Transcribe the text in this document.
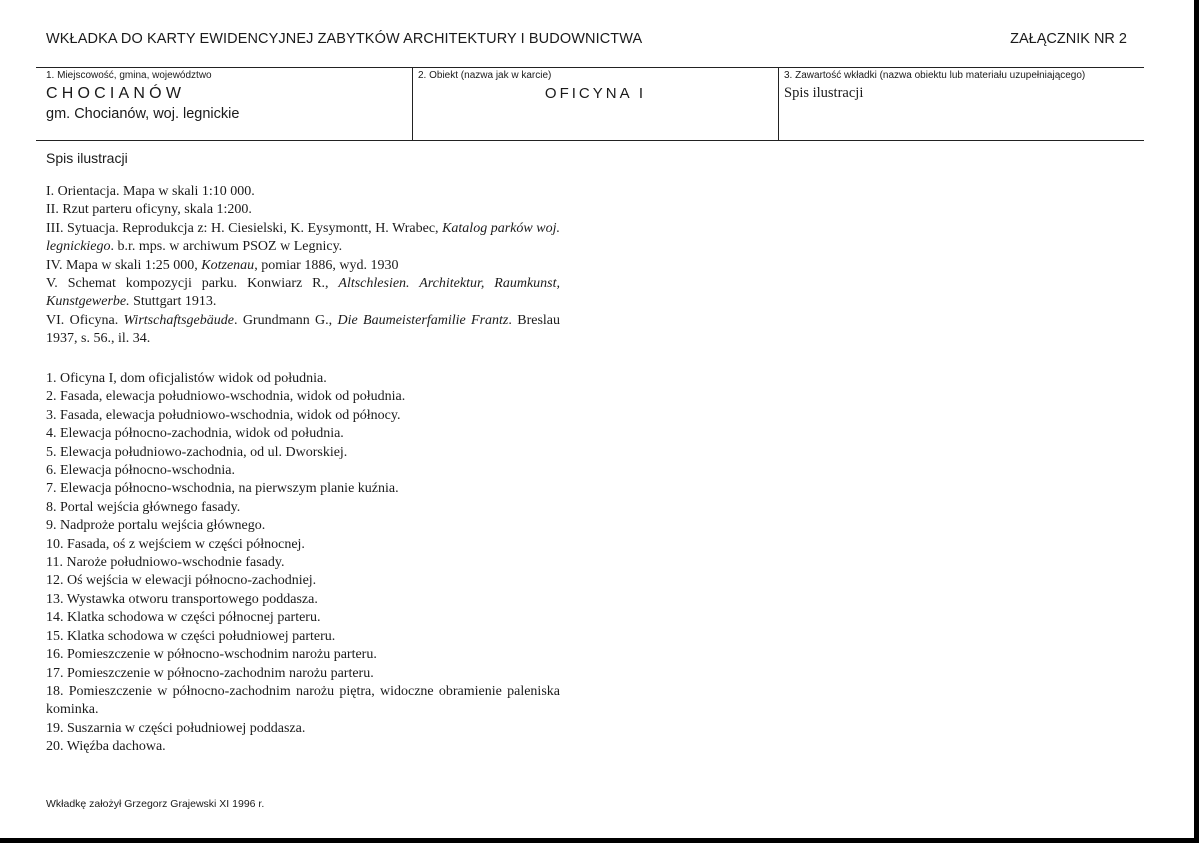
WKŁADKA DO KARTY EWIDENCYJNEJ ZABYTKÓW ARCHITEKTURY I BUDOWNICTWA	ZAŁĄCZNIK NR 2
1. Miejscowość, gmina, województwo
CHOCIANÓW
gm. Chocianów, woj. legnickie
2. Obiekt (nazwa jak w karcie)
OFICYNA I
3. Zawartość wkładki (nazwa obiektu lub materiału uzupełniającego)
Spis ilustracji
Spis ilustracji
I. Orientacja. Mapa w skali 1:10 000.
II. Rzut parteru oficyny, skala 1:200.
III. Sytuacja. Reprodukcja z: H. Ciesielski, K. Eysymontt, H. Wrabec, Katalog parków woj. legnickiego. b.r. mps. w archiwum PSOZ w Legnicy.
IV. Mapa w skali 1:25 000, Kotzenau, pomiar 1886, wyd. 1930
V. Schemat kompozycji parku. Konwiarz R., Altschlesien. Architektur, Raumkunst, Kunstgewerbe. Stuttgart 1913.
VI. Oficyna. Wirtschaftsgebäude. Grundmann G., Die Baumeisterfamilie Frantz. Breslau 1937, s. 56., il. 34.
1. Oficyna I, dom oficjalistów widok od południa.
2. Fasada, elewacja południowo-wschodnia, widok od południa.
3. Fasada, elewacja południowo-wschodnia, widok od północy.
4. Elewacja północno-zachodnia, widok od południa.
5. Elewacja południowo-zachodnia, od ul. Dworskiej.
6. Elewacja północno-wschodnia.
7. Elewacja północno-wschodnia, na pierwszym planie kuźnia.
8. Portal wejścia głównego fasady.
9. Nadproże portalu wejścia głównego.
10. Fasada, oś z wejściem w części północnej.
11. Naroże południowo-wschodnie fasady.
12. Oś wejścia w elewacji północno-zachodniej.
13. Wystawka otworu transportowego poddasza.
14. Klatka schodowa w części północnej parteru.
15. Klatka schodowa w części południowej parteru.
16. Pomieszczenie w północno-wschodnim narożu parteru.
17. Pomieszczenie w północno-zachodnim narożu parteru.
18. Pomieszczenie w północno-zachodnim narożu piętra, widoczne obramienie paleniska kominka.
19. Suszarnia w części południowej poddasza.
20. Więźba dachowa.
Wkładkę założył Grzegorz Grajewski XI 1996 r.
